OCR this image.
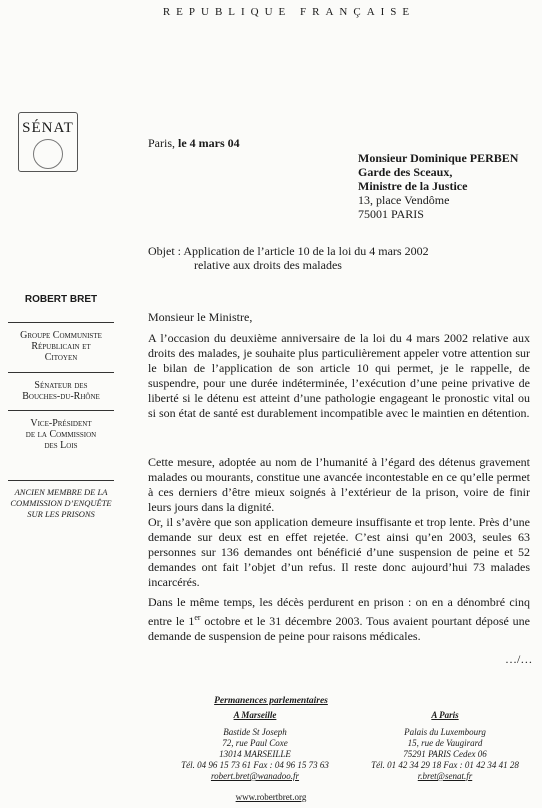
REPUBLIQUE FRANÇAISE
SÉNAT
Paris, le 4 mars 04
Monsieur Dominique PERBEN
Garde des Sceaux,
Ministre de la Justice
13, place Vendôme
75001 PARIS
Objet : Application de l’article 10 de la loi du 4 mars 2002
relative aux droits des malades
ROBERT BRET
Groupe Communiste
Républicain et
Citoyen
Sénateur des
Bouches-du-Rhône
Vice-Président
de la Commission
des Lois
ANCIEN MEMBRE DE LA
COMMISSION D’ENQUÊTE
SUR LES PRISONS
Monsieur le Ministre,

A l’occasion du deuxième anniversaire de la loi du 4 mars 2002 relative aux droits des malades, je souhaite plus particulièrement appeler votre attention sur le bilan de l’application de son article 10 qui permet, je le rappelle, de suspendre, pour une durée indéterminée, l’exécution d’une peine privative de liberté si le détenu est atteint d’une pathologie engageant le pronostic vital ou si son état de santé est durablement incompatible avec le maintien en détention.

Cette mesure, adoptée au nom de l’humanité à l’égard des détenus gravement malades ou mourants, constitue une avancée incontestable en ce qu’elle permet à ces derniers d’être mieux soignés à l’extérieur de la prison, voire de finir leurs jours dans la dignité.

Or, il s’avère que son application demeure insuffisante et trop lente. Près d’une demande sur deux est en effet rejetée. C’est ainsi qu’en 2003, seules 63 personnes sur 136 demandes ont bénéficié d’une suspension de peine et 52 demandes ont fait l’objet d’un refus. Il reste donc aujourd’hui 73 malades incarcérés.

Dans le même temps, les décès perdurent en prison : on en a dénombré cinq entre le 1er octobre et le 31 décembre 2003. Tous avaient pourtant déposé une demande de suspension de peine pour raisons médicales.

…/…
Permanences parlementaires
A Marseille
Bastide St Joseph
72, rue Paul Coxe
13014 MARSEILLE
Tél. 04 96 15 73 61 Fax : 04 96 15 73 63
robert.bret@wanadoo.fr
A Paris
Palais du Luxembourg
15, rue de Vaugirard
75291 PARIS Cedex 06
Tél. 01 42 34 29 18 Fax : 01 42 34 41 28
r.bret@senat.fr
www.robertbret.org
